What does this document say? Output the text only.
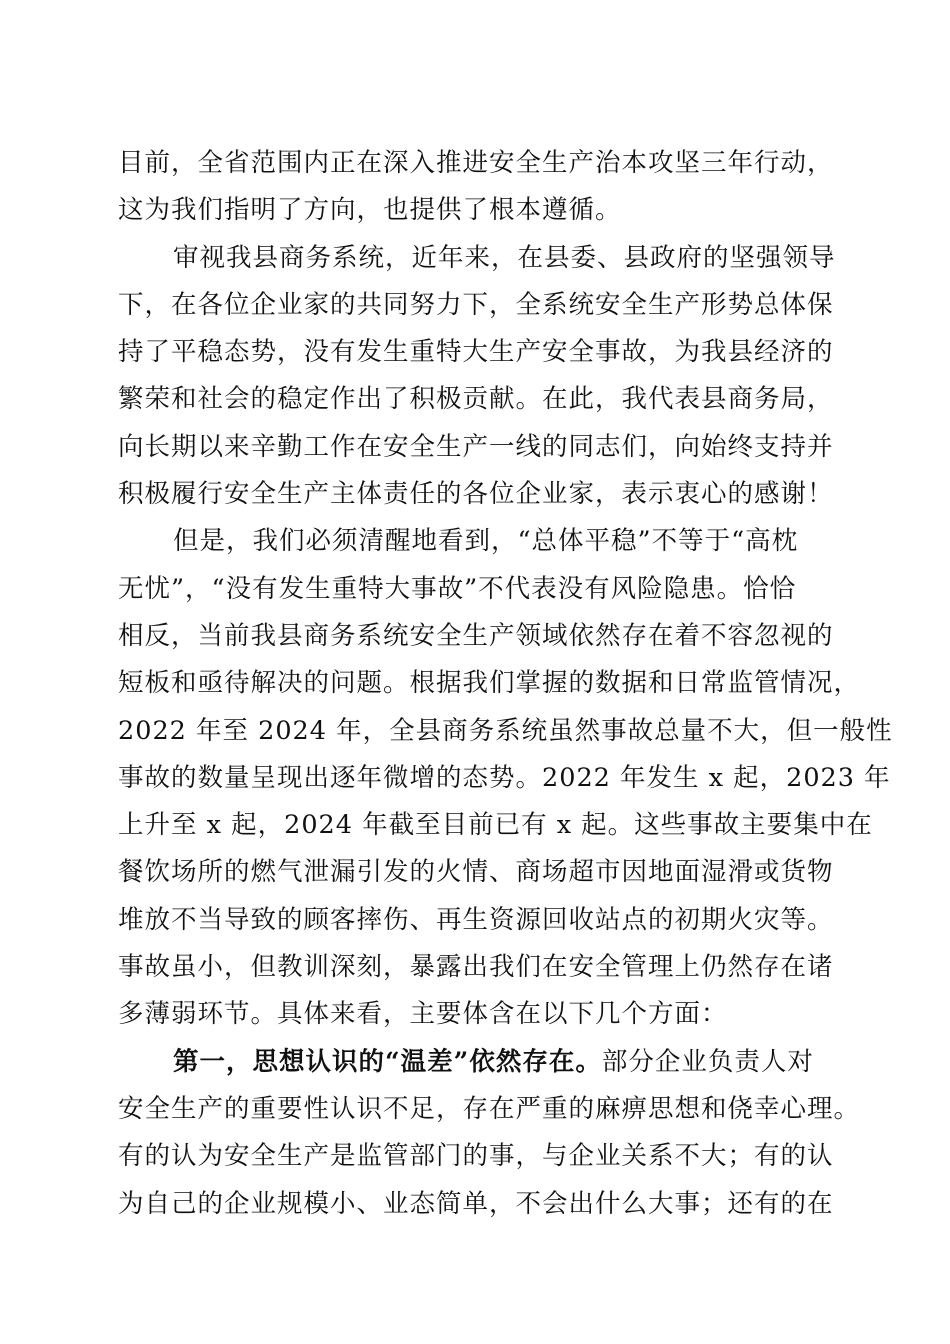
目前，全省范围内正在深入推进安全生产治本攻坚三年行动，
这为我们指明了方向，也提供了根本遵循。
审视我县商务系统，近年来，在县委、县政府的坚强领导
下，在各位企业家的共同努力下，全系统安全生产形势总体保
持了平稳态势，没有发生重特大生产安全事故，为我县经济的
繁荣和社会的稳定作出了积极贡献。在此，我代表县商务局，
向长期以来辛勤工作在安全生产一线的同志们，向始终支持并
积极履行安全生产主体责任的各位企业家，表示衷心的感谢！
但是，我们必须清醒地看到，“总体平稳”不等于“高枕
无忧”，“没有发生重特大事故”不代表没有风险隐患。恰恰
相反，当前我县商务系统安全生产领域依然存在着不容忽视的
短板和亟待解决的问题。根据我们掌握的数据和日常监管情况，
2022 年至 2024 年，全县商务系统虽然事故总量不大，但一般性
事故的数量呈现出逐年微增的态势。2022 年发生 x 起，2023 年
上升至 x 起，2024 年截至目前已有 x 起。这些事故主要集中在
餐饮场所的燃气泄漏引发的火情、商场超市因地面湿滑或货物
堆放不当导致的顾客摔伤、再生资源回收站点的初期火灾等。
事故虽小，但教训深刻，暴露出我们在安全管理上仍然存在诸
多薄弱环节。具体来看，主要体含在以下几个方面：
第一，思想认识的“温差”依然存在。部分企业负责人对
安全生产的重要性认识不足，存在严重的麻痹思想和侥幸心理。
有的认为安全生产是监管部门的事，与企业关系不大；有的认
为自己的企业规模小、业态简单，不会出什么大事；还有的在
